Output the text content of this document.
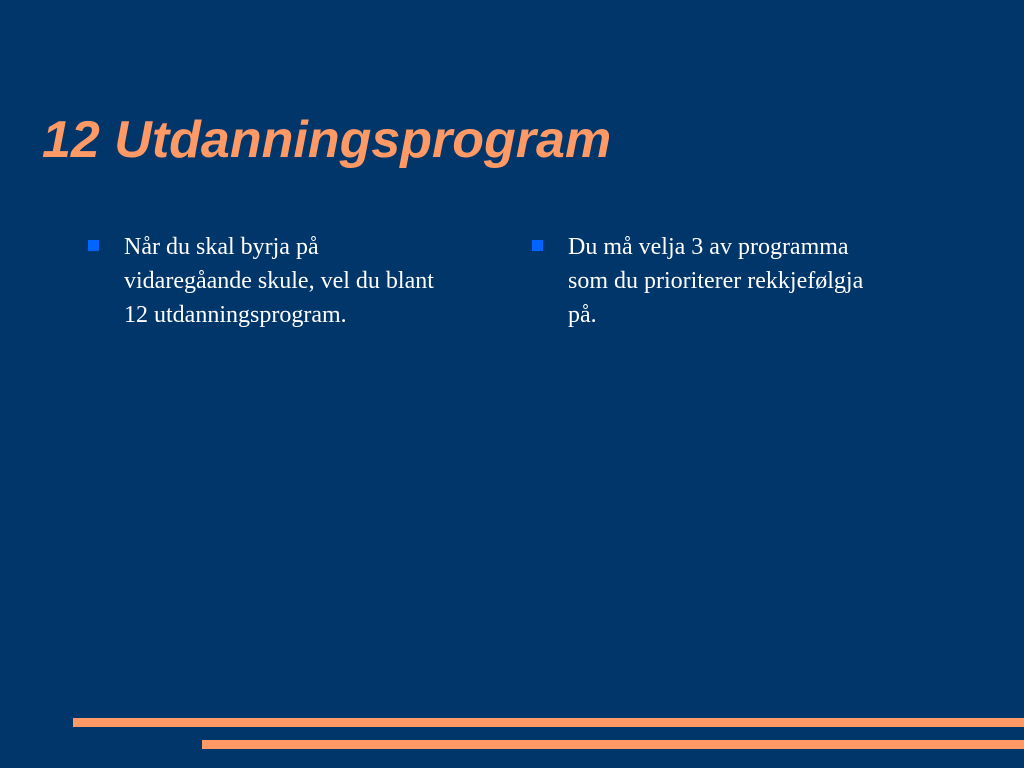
12 Utdanningsprogram
Når du skal byrja på
vidaregåande skule, vel du blant
12 utdanningsprogram.
Du må velja 3 av programma
som du prioriterer rekkjefølgja
på.
